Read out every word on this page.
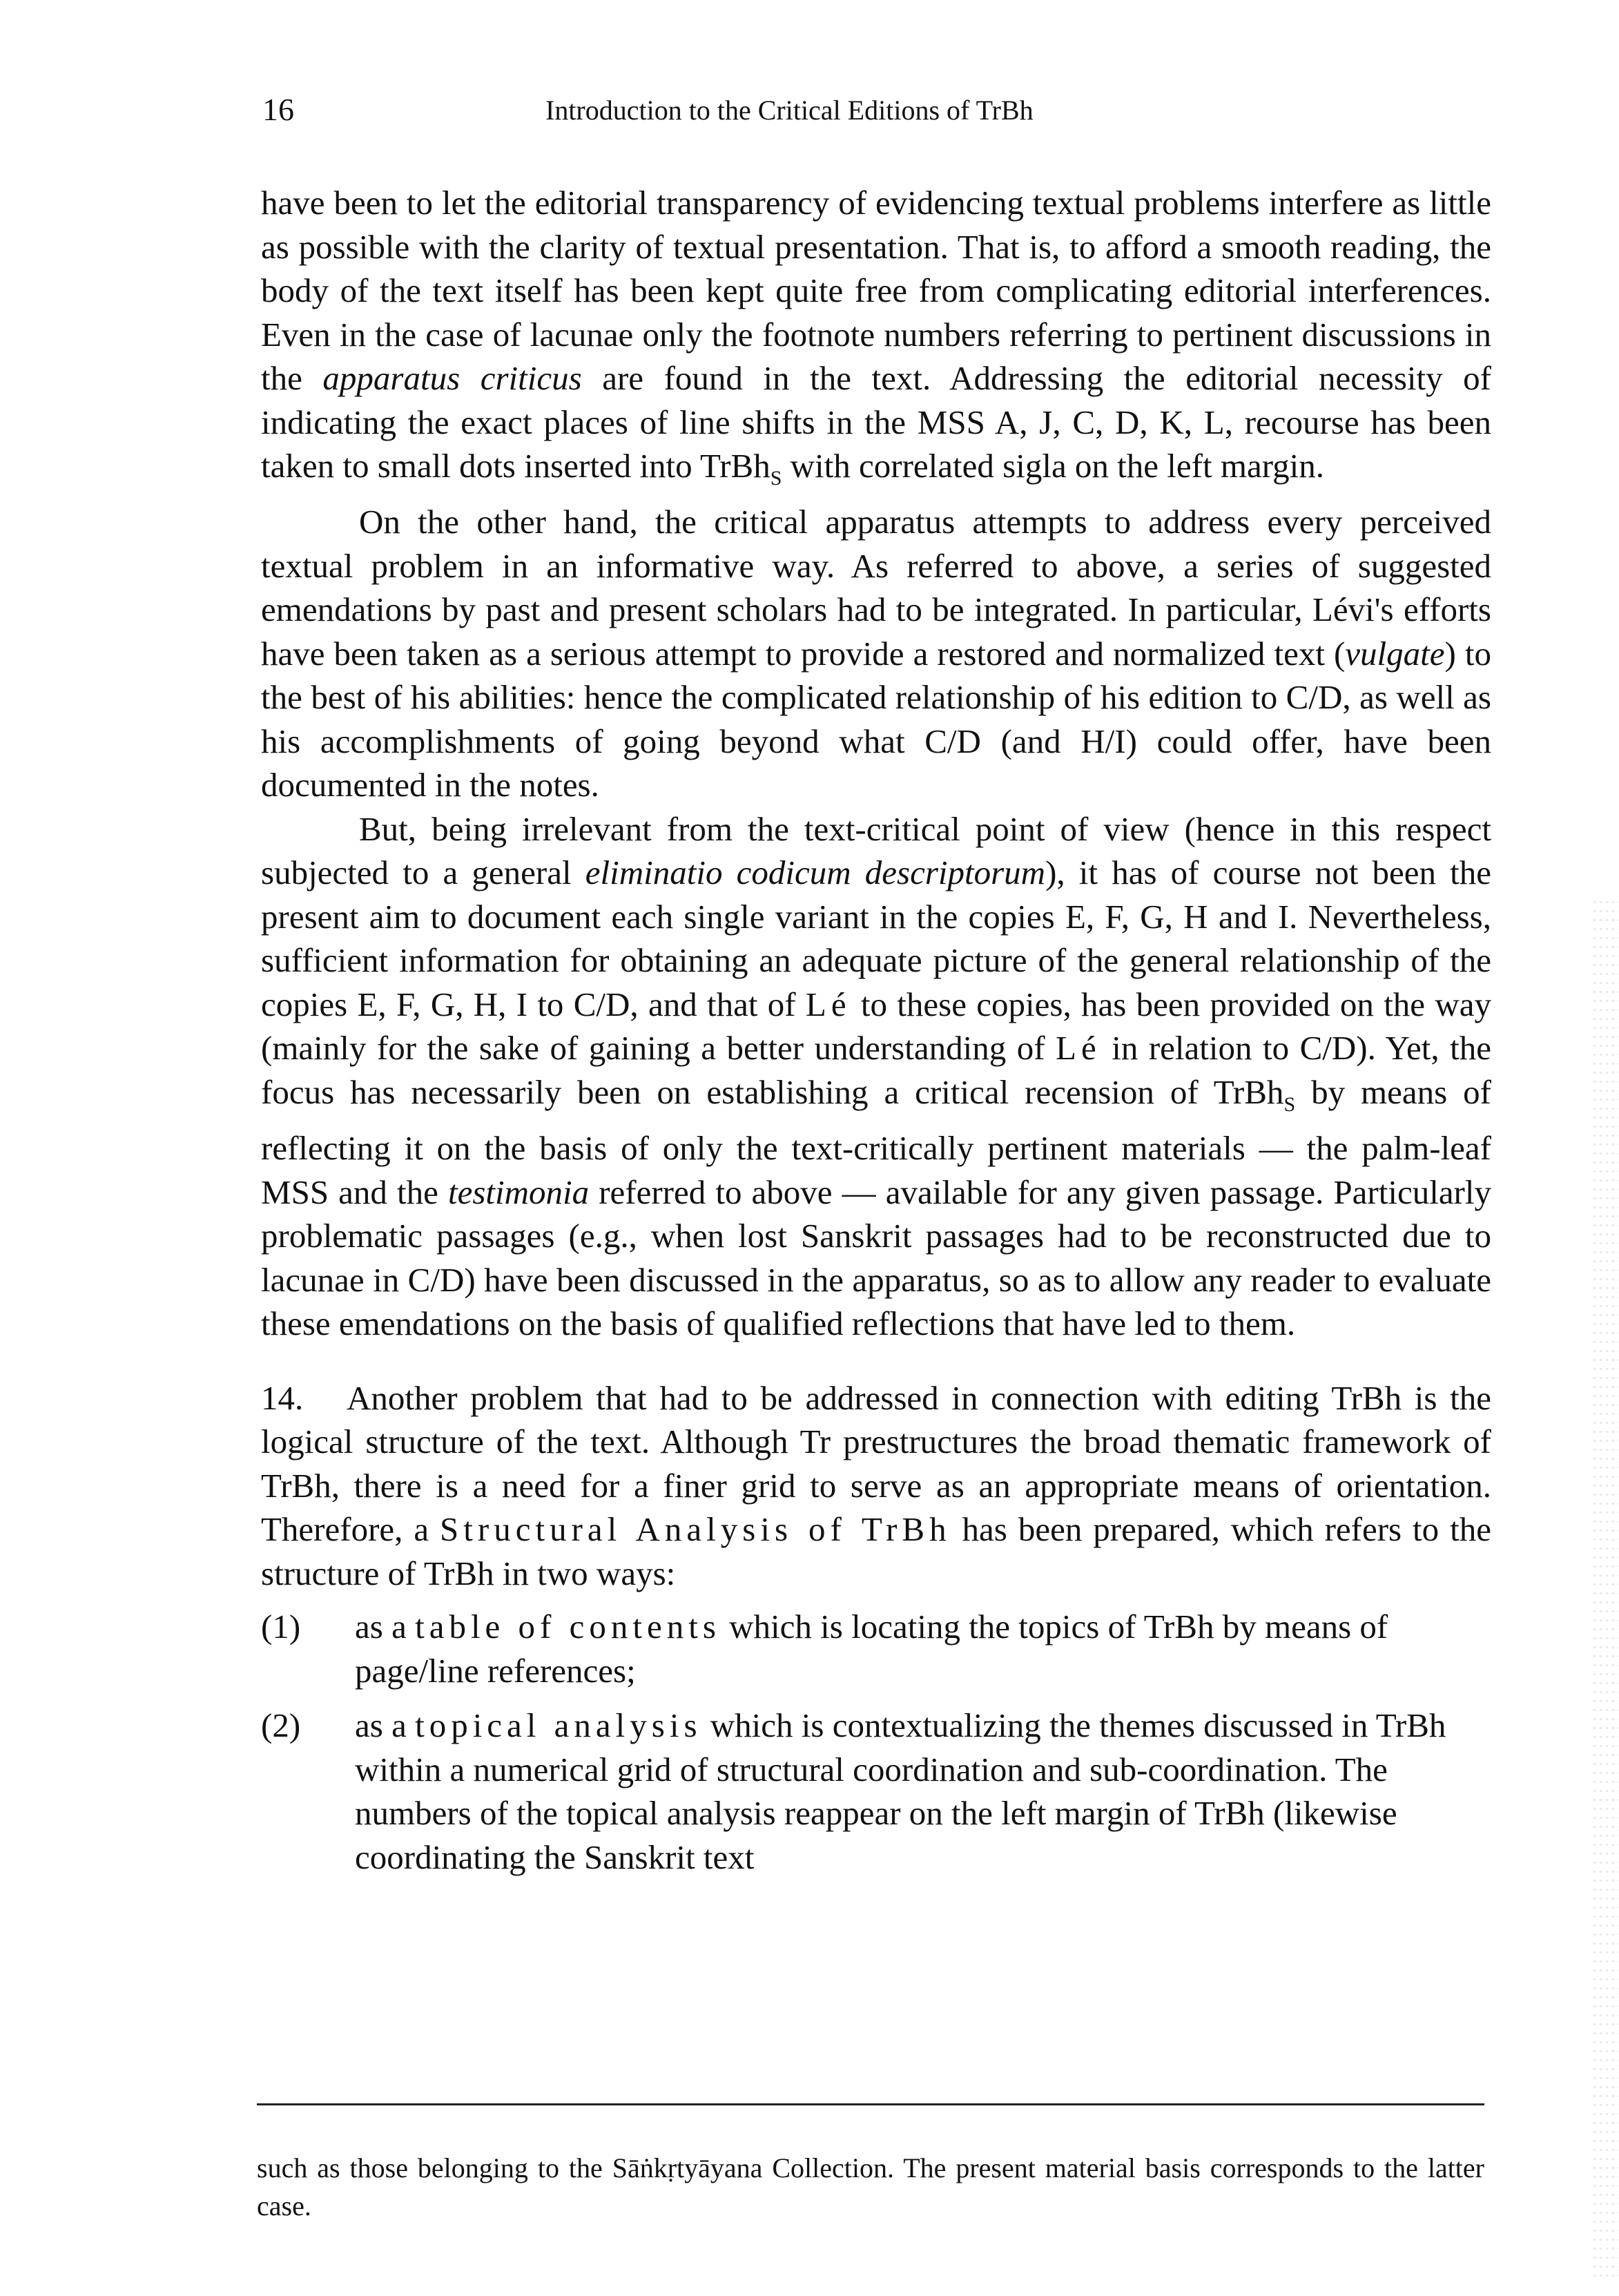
16	Introduction to the Critical Editions of TrBh

have been to let the editorial transparency of evidencing textual problems interfere as little as possible with the clarity of textual presentation. That is, to afford a smooth reading, the body of the text itself has been kept quite free from complicating editorial interferences. Even in the case of lacunae only the footnote numbers referring to pertinent discussions in the apparatus criticus are found in the text. Addressing the editorial necessity of indicating the exact places of line shifts in the MSS A, J, C, D, K, L, recourse has been taken to small dots inserted into TrBh$_S$ with correlated sigla on the left margin.

On the other hand, the critical apparatus attempts to address every perceived textual problem in an informative way. As referred to above, a series of suggested emendations by past and present scholars had to be integrated. In particular, Lévi's efforts have been taken as a serious attempt to provide a restored and normalized text (vulgate) to the best of his abilities: hence the complicated relationship of his edition to C/D, as well as his accomplishments of going beyond what C/D (and H/I) could offer, have been documented in the notes.

But, being irrelevant from the text-critical point of view (hence in this respect subjected to a general eliminatio codicum descriptorum), it has of course not been the present aim to document each single variant in the copies E, F, G, H and I. Nevertheless, sufficient information for obtaining an adequate picture of the general relationship of the copies E, F, G, H, I to C/D, and that of Lé to these copies, has been provided on the way (mainly for the sake of gaining a better understanding of Lé in relation to C/D). Yet, the focus has necessarily been on establishing a critical recension of TrBh$_S$ by means of reflecting it on the basis of only the text-critically pertinent materials — the palm-leaf MSS and the testimonia referred to above — available for any given passage. Particularly problematic passages (e.g., when lost Sanskrit passages had to be reconstructed due to lacunae in C/D) have been discussed in the apparatus, so as to allow any reader to evaluate these emendations on the basis of qualified reflections that have led to them.

14. Another problem that had to be addressed in connection with editing TrBh is the logical structure of the text. Although Tr prestructures the broad thematic framework of TrBh, there is a need for a finer grid to serve as an appropriate means of orientation. Therefore, a Structural Analysis of TrBh has been prepared, which refers to the structure of TrBh in two ways:

(1) as a table of contents which is locating the topics of TrBh by means of page/line references;

(2) as a topical analysis which is contextualizing the themes discussed in TrBh within a numerical grid of structural coordination and sub-coordination. The numbers of the topical analysis reappear on the left margin of TrBh (likewise coordinating the Sanskrit text

such as those belonging to the Sāṅkṛtyāyana Collection. The present material basis corresponds to the latter case.
